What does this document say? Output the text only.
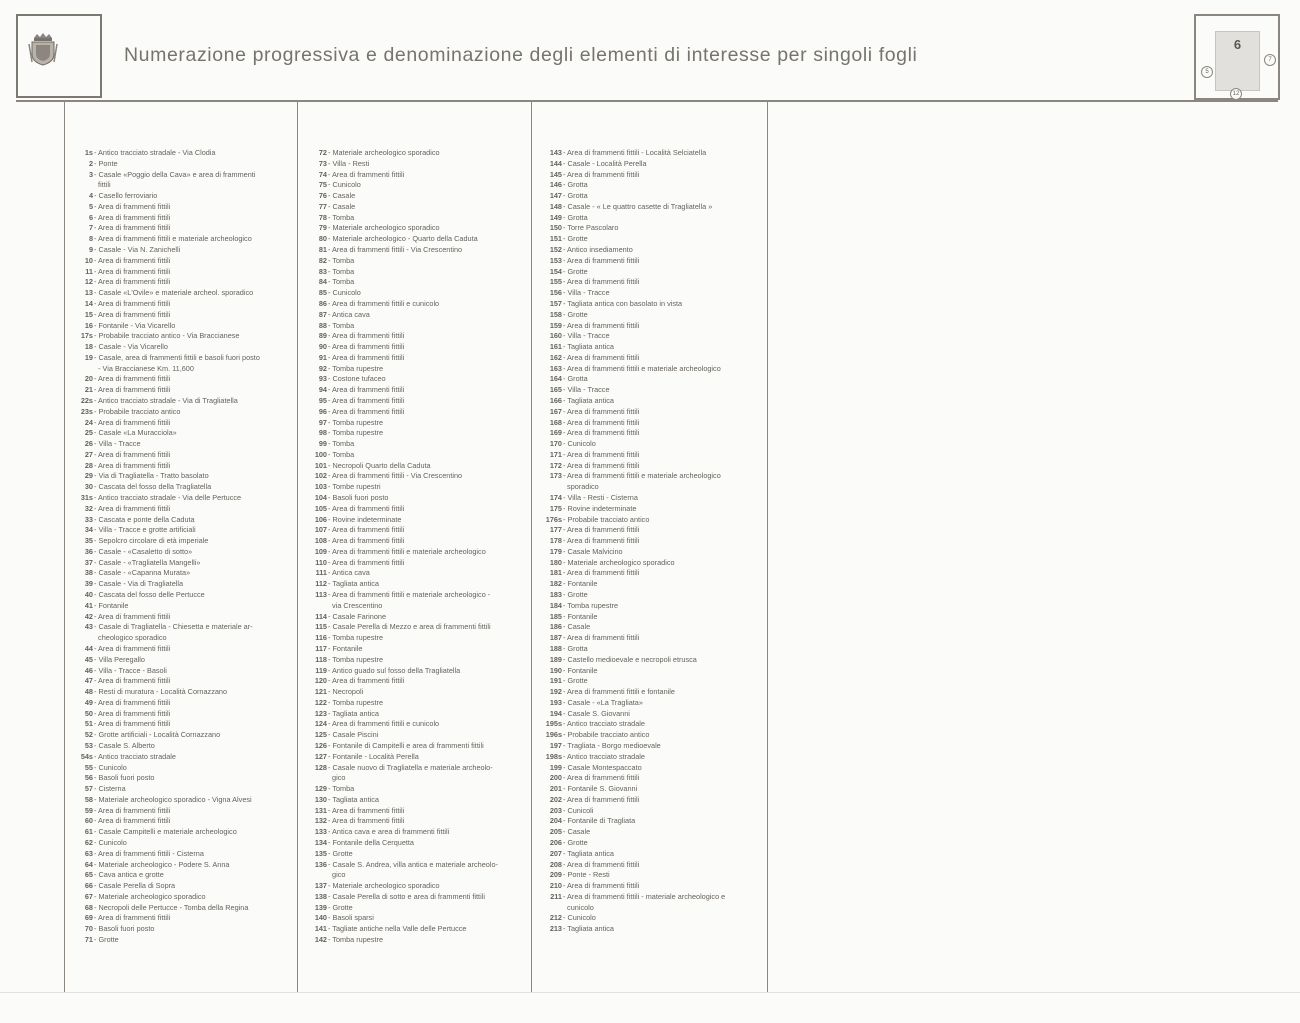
Numerazione progressiva e denominazione degli elementi di interesse per singoli fogli	6
5
7
12
1s - Antico tracciato stradale - Via Clodia
2 - Ponte
3 - Casale «Poggio della Cava» e area di frammenti
fittili
4 - Casello ferroviario
5 - Area di frammenti fittili
6 - Area di frammenti fittili
7 - Area di frammenti fittili
8 - Area di frammenti fittili e materiale archeologico
9 - Casale - Via N. Zanichelli
10 - Area di frammenti fittili
11 - Area di frammenti fittili
12 - Area di frammenti fittili
13 - Casale «L'Ovile» e materiale archeol. sporadico
14 - Area di frammenti fittili
15 - Area di frammenti fittili
16 - Fontanile - Via Vicarello
17s - Probabile tracciato antico - Via Braccianese
18 - Casale - Via Vicarello
19 - Casale, area di frammenti fittili e basoli fuori posto
- Via Braccianese Km. 11,600
20 - Area di frammenti fittili
21 - Area di frammenti fittili
22s - Antico tracciato stradale - Via di Tragliatella
23s - Probabile tracciato antico
24 - Area di frammenti fittili
25 - Casale «La Muracciola»
26 - Villa - Tracce
27 - Area di frammenti fittili
28 - Area di frammenti fittili
29 - Via di Tragliatella - Tratto basolato
30 - Cascata del fosso della Tragliatella
31s - Antico tracciato stradale - Via delle Pertucce
32 - Area di frammenti fittili
33 - Cascata e ponte della Caduta
34 - Villa - Tracce e grotte artificiali
35 - Sepolcro circolare di età imperiale
36 - Casale - «Casaletto di sotto»
37 - Casale - «Tragliatella Mangelli»
38 - Casale - «Capanna Murata»
39 - Casale - Via di Tragliatella
40 - Cascata del fosso delle Pertucce
41 - Fontanile
42 - Area di frammenti fittili
43 - Casale di Tragliatella - Chiesetta e materiale ar-
cheologico sporadico
44 - Area di frammenti fittili
45 - Villa Peregallo
46 - Villa - Tracce - Basoli
47 - Area di frammenti fittili
48 - Resti di muratura - Località Cornazzano
49 - Area di frammenti fittili
50 - Area di frammenti fittili
51 - Area di frammenti fittili
52 - Grotte artificiali - Località Cornazzano
53 - Casale S. Alberto
54s - Antico tracciato stradale
55 - Cunicolo
56 - Basoli fuori posto
57 - Cisterna
58 - Materiale archeologico sporadico - Vigna Alvesi
59 - Area di frammenti fittili
60 - Area di frammenti fittili
61 - Casale Campitelli e materiale archeologico
62 - Cunicolo
63 - Area di frammenti fittili - Cisterna
64 - Materiale archeologico - Podere S. Anna
65 - Cava antica e grotte
66 - Casale Perella di Sopra
67 - Materiale archeologico sporadico
68 - Necropoli delle Pertucce - Tomba della Regina
69 - Area di frammenti fittili
70 - Basoli fuori posto
71 - Grotte
72 - Materiale archeologico sporadico
73 - Villa - Resti
74 - Area di frammenti fittili
75 - Cunicolo
76 - Casale
77 - Casale
78 - Tomba
79 - Materiale archeologico sporadico
80 - Materiale archeologico - Quarto della Caduta
81 - Area di frammenti fittili - Via Crescentino
82 - Tomba
83 - Tomba
84 - Tomba
85 - Cunicolo
86 - Area di frammenti fittili e cunicolo
87 - Antica cava
88 - Tomba
89 - Area di frammenti fittili
90 - Area di frammenti fittili
91 - Area di frammenti fittili
92 - Tomba rupestre
93 - Costone tufaceo
94 - Area di frammenti fittili
95 - Area di frammenti fittili
96 - Area di frammenti fittili
97 - Tomba rupestre
98 - Tomba rupestre
99 - Tomba
100 - Tomba
101 - Necropoli Quarto della Caduta
102 - Area di frammenti fittili - Via Crescentino
103 - Tombe rupestri
104 - Basoli fuori posto
105 - Area di frammenti fittili
106 - Rovine indeterminate
107 - Area di frammenti fittili
108 - Area di frammenti fittili
109 - Area di frammenti fittili e materiale archeologico
110 - Area di frammenti fittili
111 - Antica cava
112 - Tagliata antica
113 - Area di frammenti fittili e materiale archeologico -
via Crescentino
114 - Casale Farinone
115 - Casale Perella di Mezzo e area di frammenti fittili
116 - Tomba rupestre
117 - Fontanile
118 - Tomba rupestre
119 - Antico guado sul fosso della Tragliatella
120 - Area di frammenti fittili
121 - Necropoli
122 - Tomba rupestre
123 - Tagliata antica
124 - Area di frammenti fittili e cunicolo
125 - Casale Piscini
126 - Fontanile di Campitelli e area di frammenti fittili
127 - Fontanile - Località Perella
128 - Casale nuovo di Tragliatella e materiale archeolo-
gico
129 - Tomba
130 - Tagliata antica
131 - Area di frammenti fittili
132 - Area di frammenti fittili
133 - Antica cava e area di frammenti fittili
134 - Fontanile della Cerquetta
135 - Grotte
136 - Casale S. Andrea, villa antica e materiale archeolo-
gico
137 - Materiale archeologico sporadico
138 - Casale Perella di sotto e area di frammenti fittili
139 - Grotte
140 - Basoli sparsi
141 - Tagliate antiche nella Valle delle Pertucce
142 - Tomba rupestre
143 - Area di frammenti fittili - Località Selciatella
144 - Casale - Località Perella
145 - Area di frammenti fittili
146 - Grotta
147 - Grotta
148 - Casale - « Le quattro casette di Tragliatella »
149 - Grotta
150 - Torre Pascolaro
151 - Grotte
152 - Antico insediamento
153 - Area di frammenti fittili
154 - Grotte
155 - Area di frammenti fittili
156 - Villa - Tracce
157 - Tagliata antica con basolato in vista
158 - Grotte
159 - Area di frammenti fittili
160 - Villa - Tracce
161 - Tagliata antica
162 - Area di frammenti fittili
163 - Area di frammenti fittili e materiale archeologico
164 - Grotta
165 - Villa - Tracce
166 - Tagliata antica
167 - Area di frammenti fittili
168 - Area di frammenti fittili
169 - Area di frammenti fittili
170 - Cunicolo
171 - Area di frammenti fittili
172 - Area di frammenti fittili
173 - Area di frammenti fittili e materiale archeologico
sporadico
174 - Villa - Resti - Cisterna
175 - Rovine indeterminate
176s - Probabile tracciato antico
177 - Area di frammenti fittili
178 - Area di frammenti fittili
179 - Casale Malvicino
180 - Materiale archeologico sporadico
181 - Area di frammenti fittili
182 - Fontanile
183 - Grotte
184 - Tomba rupestre
185 - Fontanile
186 - Casale
187 - Area di frammenti fittili
188 - Grotta
189 - Castello medioevale e necropoli etrusca
190 - Fontanile
191 - Grotte
192 - Area di frammenti fittili e fontanile
193 - Casale - «La Tragliata»
194 - Casale S. Giovanni
195s - Antico tracciato stradale
196s - Probabile tracciato antico
197 - Tragliata - Borgo medioevale
198s - Antico tracciato stradale
199 - Casale Montespaccato
200 - Area di frammenti fittili
201 - Fontanile S. Giovanni
202 - Area di frammenti fittili
203 - Cunicoli
204 - Fontanile di Tragliata
205 - Casale
206 - Grotte
207 - Tagliata antica
208 - Area di frammenti fittili
209 - Ponte - Resti
210 - Area di frammenti fittili
211 - Area di frammenti fittili - materiale archeologico e
cunicolo
212 - Cunicolo
213 - Tagliata antica
